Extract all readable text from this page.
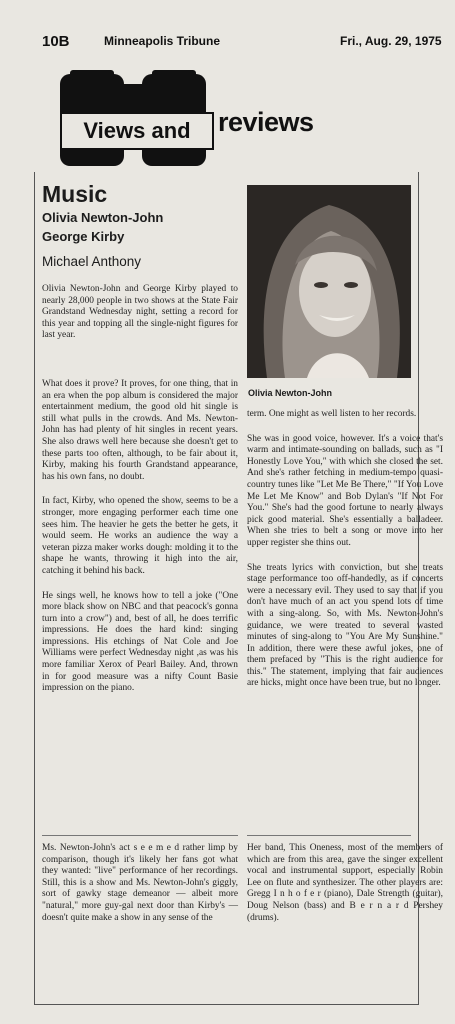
10B	Minneapolis Tribune	Fri., Aug. 29, 1975
Views and	reviews
Music
Olivia Newton-John
George Kirby
Michael Anthony
Olivia Newton-John

Olivia Newton-John and George Kirby played to nearly 28,000 people in two shows at the State Fair Grandstand Wednesday night, setting a record for this year and topping all the single-night figures for last year.

What does it prove? It proves, for one thing, that in an era when the pop album is considered the major entertainment medium, the good old hit single is still what pulls in the crowds. And Ms. Newton-John has had plenty of hit singles in recent years. She also draws well here because she doesn't get to these parts too often, although, to be fair about it, Kirby, making his fourth Grandstand appearance, has his own fans, no doubt.

In fact, Kirby, who opened the show, seems to be a stronger, more engaging performer each time one sees him. The heavier he gets the better he gets, it would seem. He works an audience the way a veteran pizza maker works dough: molding it to the shape he wants, throwing it high into the air, catching it behind his back.

He sings well, he knows how to tell a joke ("One more black show on NBC and that peacock's gonna turn into a crow") and, best of all, he does terrific impressions. He does the hard kind: singing impressions. His etchings of Nat Cole and Joe Williams were perfect Wednesday night ,as was his more familiar Xerox of Pearl Bailey. And, thrown in for good measure was a nifty Count Basie impression on the piano.

Ms. Newton-John's act s e e m e d rather limp by comparison, though it's likely her fans got what they wanted: "live" performance of her recordings. Still, this is a show and Ms. Newton-John's giggly, sort of gawky stage demeanor — albeit more "natural," more guy-gal next door than Kirby's — doesn't quite make a show in any sense of the

term. One might as well listen to her records.

She was in good voice, however. It's a voice that's warm and intimate-sounding on ballads, such as "I Honestly Love You," with which she closed the set. And she's rather fetching in medium-tempo quasi-country tunes like "Let Me Be There," "If You Love Me Let Me Know" and Bob Dylan's "If Not For You." She's had the good fortune to nearly always pick good material. She's essentially a balladeer. When she tries to belt a song or move into her upper register she thins out.

She treats lyrics with conviction, but she treats stage performance too off-handedly, as if concerts were a necessary evil. They used to say that if you don't have much of an act you spend lots of time with a sing-along. So, with Ms. Newton-John's guidance, we were treated to several wasted minutes of sing-along to "You Are My Sunshine." In addition, there were these awful jokes, one of them prefaced by "This is the right audience for this." The statement, implying that fair audiences are hicks, might once have been true, but no longer.

Her band, This Oneness, most of the members of which are from this area, gave the singer excellent vocal and instrumental support, especially Robin Lee on flute and synthesizer. The other players are: Gregg I n h o f e r (piano), Dale Strength (guitar), Doug Nelson (bass) and B e r n a r d Pershey (drums).
